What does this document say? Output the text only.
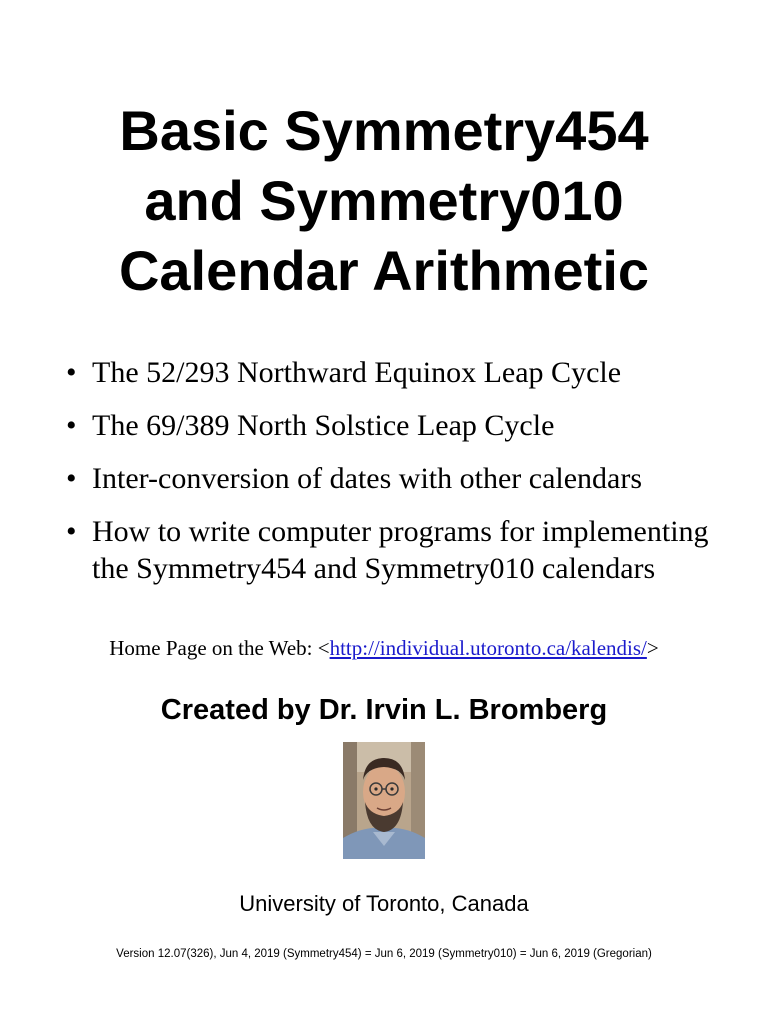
Basic Symmetry454
and Symmetry010
Calendar Arithmetic
• The 52/293 Northward Equinox Leap Cycle
• The 69/389 North Solstice Leap Cycle
• Inter-conversion of dates with other calendars
• How to write computer programs for implementing the Symmetry454 and Symmetry010 calendars
Home Page on the Web: <http://individual.utoronto.ca/kalendis/>
Created by Dr. Irvin L. Bromberg
University of Toronto, Canada
Version 12.07(326), Jun 4, 2019 (Symmetry454) = Jun 6, 2019 (Symmetry010) = Jun 6, 2019 (Gregorian)
